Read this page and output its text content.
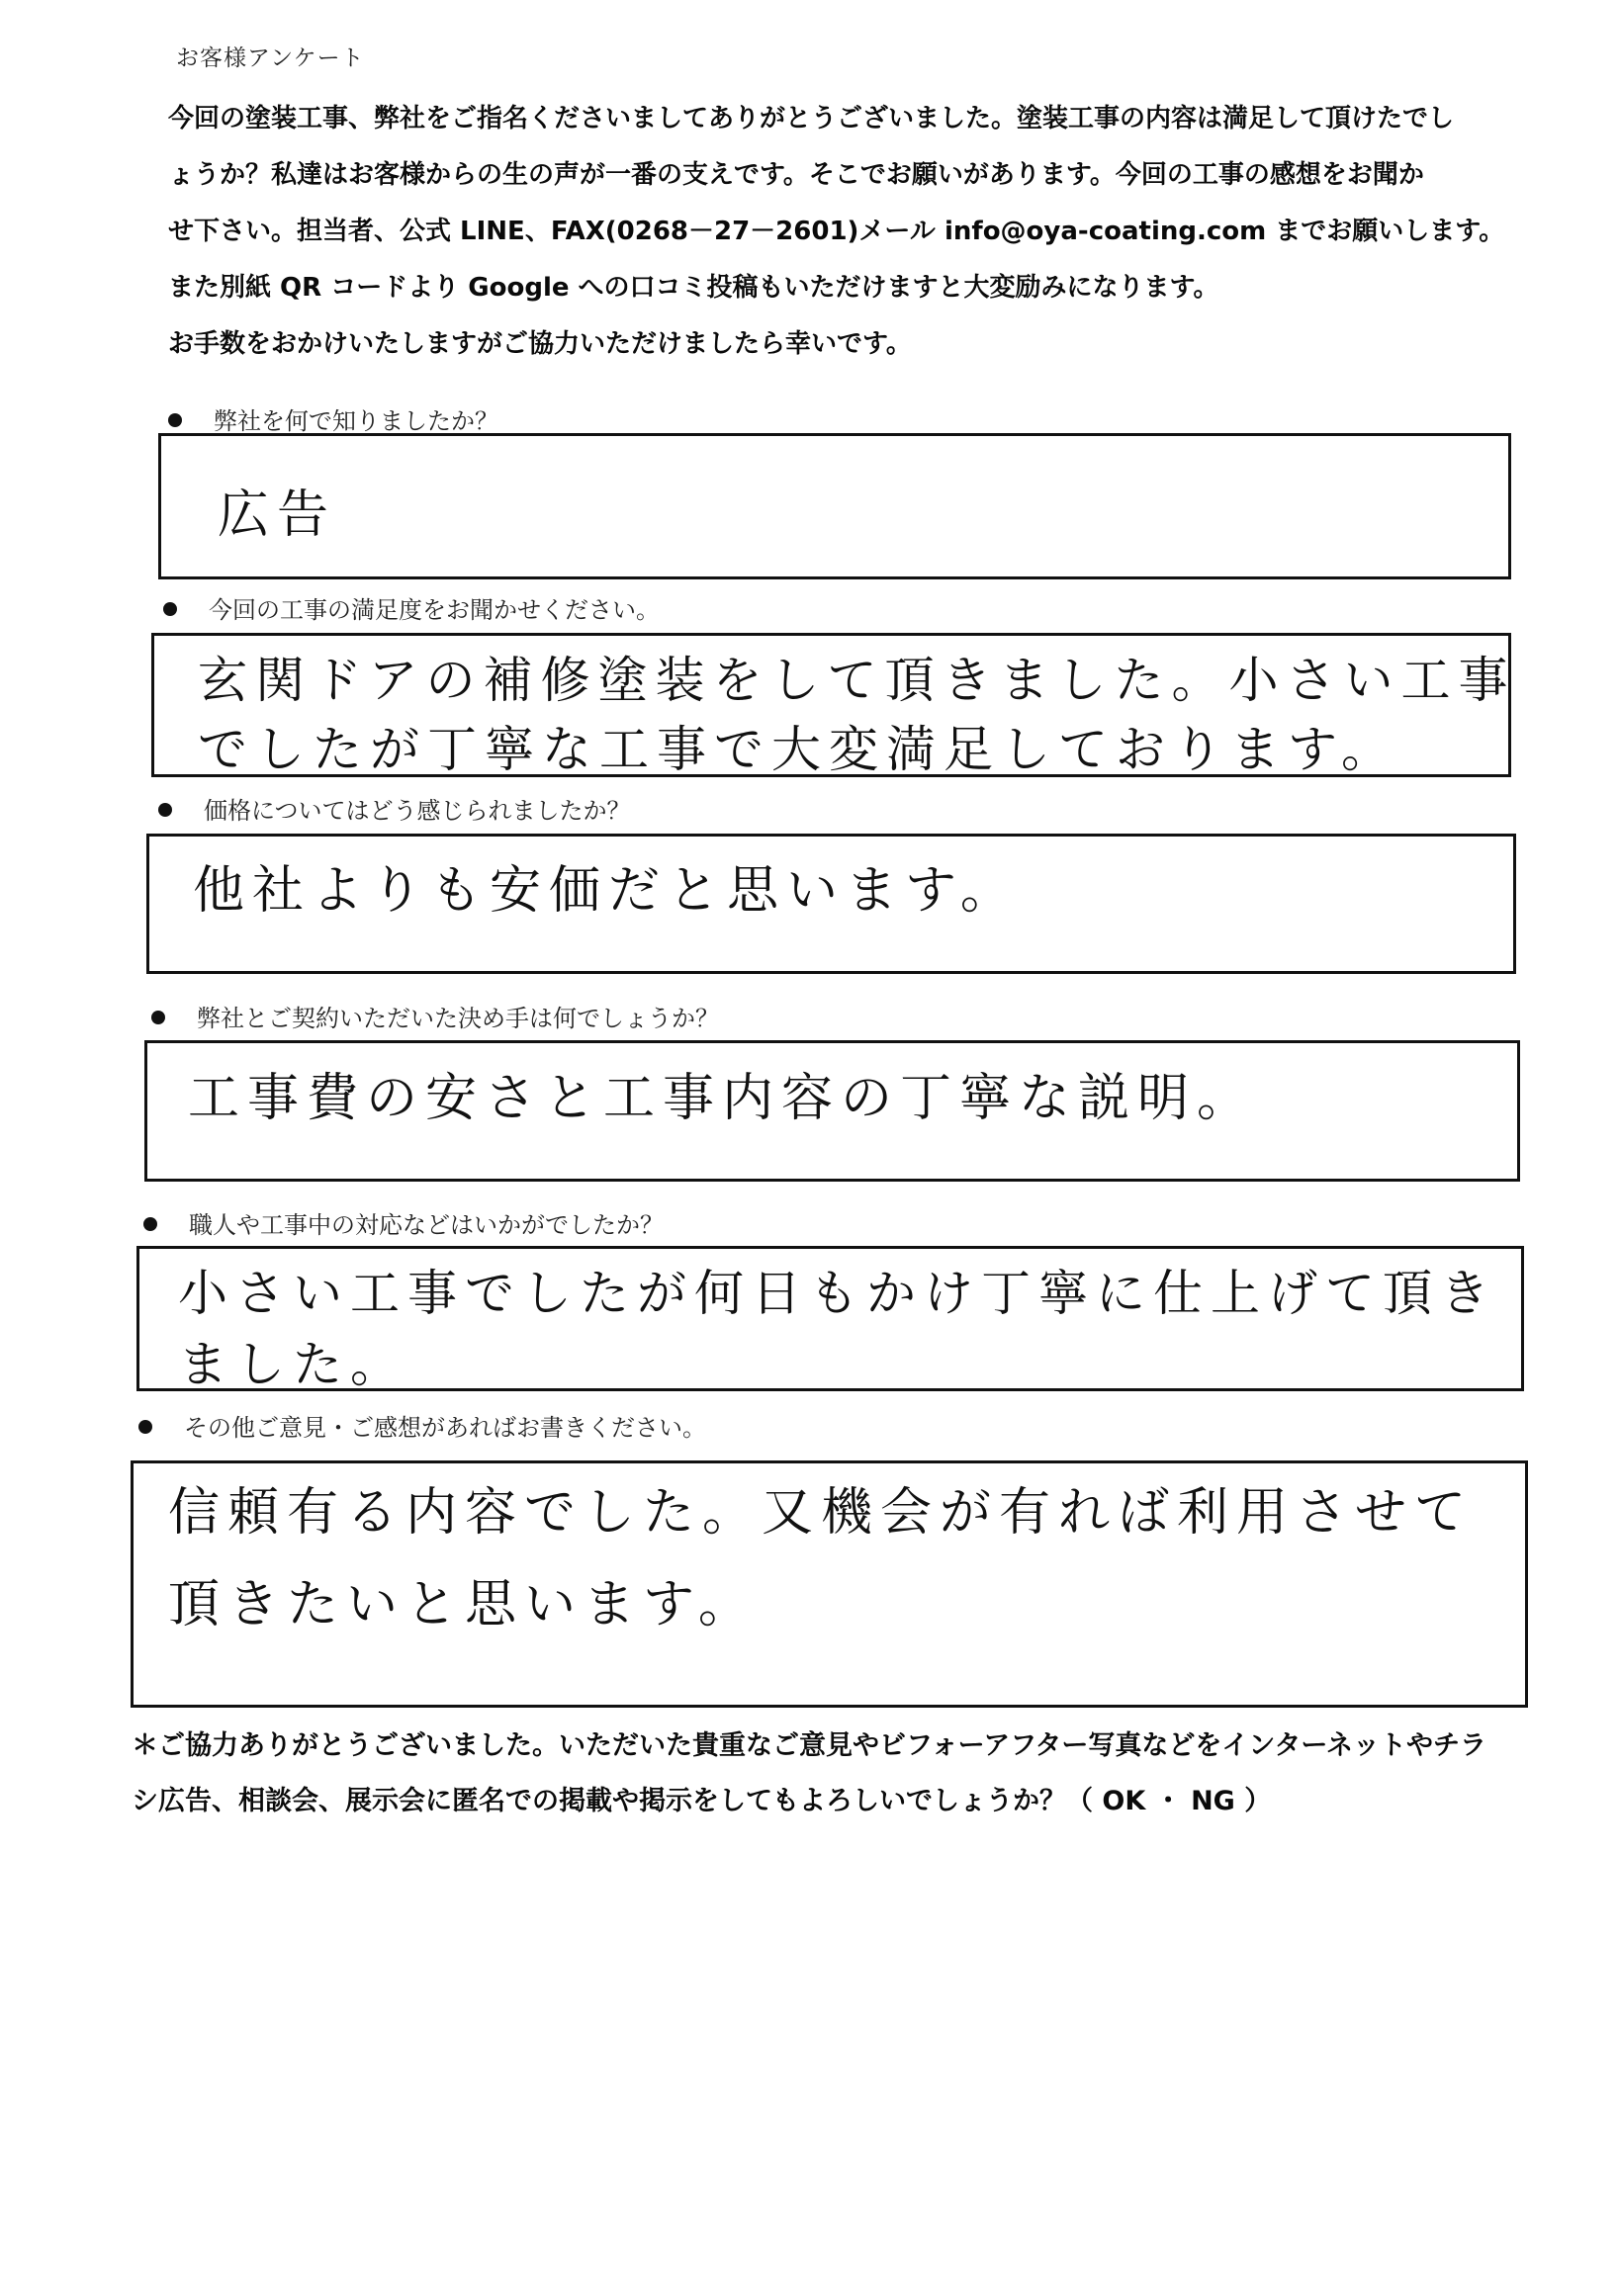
お客様アンケート
今回の塗装工事、弊社をご指名くださいましてありがとうございました。塗装工事の内容は満足して頂けたでし
ょうか？私達はお客様からの生の声が一番の支えです。そこでお願いがあります。今回の工事の感想をお聞か
せ下さい。担当者、公式 LINE、FAX(0268－27－2601)メール info@oya-coating.com までお願いします。
また別紙 QR コードより Google への口コミ投稿もいただけますと大変励みになります。
お手数をおかけいたしますがご協力いただけましたら幸いです。
弊社を何で知りましたか？
広告
今回の工事の満足度をお聞かせください。
玄関ドアの補修塗装をして頂きました。小さい工事
でしたが丁寧な工事で大変満足しております。
価格についてはどう感じられましたか？
他社よりも安価だと思います。
弊社とご契約いただいた決め手は何でしょうか？
工事費の安さと工事内容の丁寧な説明。
職人や工事中の対応などはいかがでしたか？
小さい工事でしたが何日もかけ丁寧に仕上げて頂き
ました。
その他ご意見・ご感想があればお書きください。
信頼有る内容でした。又機会が有れば利用させて
頂きたいと思います。
＊ご協力ありがとうございました。いただいた貴重なご意見やビフォーアフター写真などをインターネットやチラ
シ広告、相談会、展示会に匿名での掲載や掲示をしてもよろしいでしょうか？（ OK ・ NG ）
